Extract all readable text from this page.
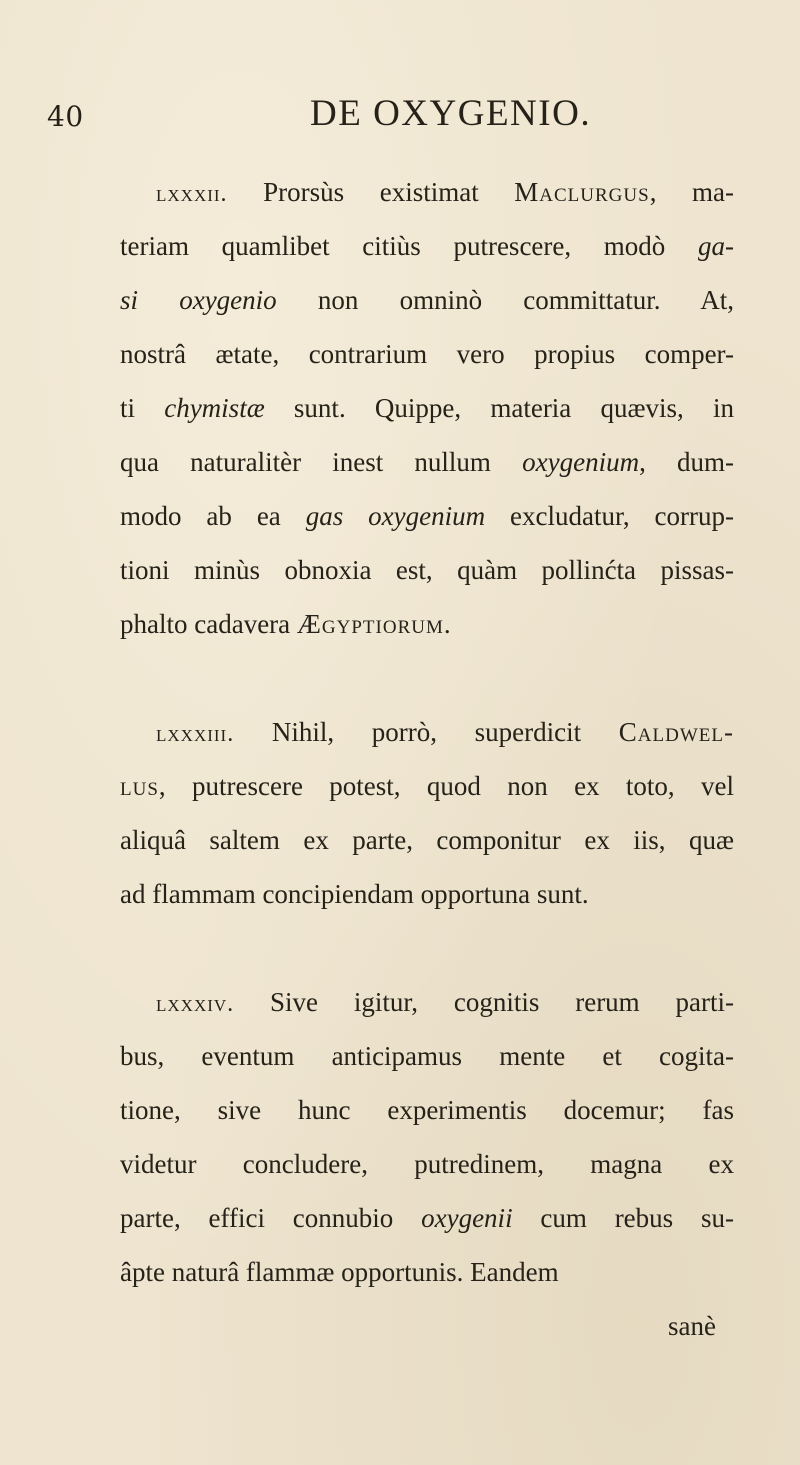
40	DE OXYGENIO.
lxxxii. Prorsùs existimat Maclurgus, ma-
teriam quamlibet citiùs putrescere, modò ga-
si oxygenio non omninò committatur. At,
nostrâ ætate, contrarium vero propius comper-
ti chymistæ sunt. Quippe, materia quævis, in
qua naturalitèr inest nullum oxygenium, dum-
modo ab ea gas oxygenium excludatur, corrup-
tioni minùs obnoxia est, quàm pollinćta pissas-
phalto cadavera Ægyptiorum.
lxxxiii. Nihil, porrò, superdicit Caldwel-
lus, putrescere potest, quod non ex toto, vel
aliquâ saltem ex parte, componitur ex iis, quæ
ad flammam concipiendam opportuna sunt.
lxxxiv. Sive igitur, cognitis rerum parti-
bus, eventum anticipamus mente et cogita-
tione, sive hunc experimentis docemur; fas
videtur concludere, putredinem, magna ex
parte, effici connubio oxygenii cum rebus su-
âpte naturâ flammæ opportunis. Eandem
sanè
